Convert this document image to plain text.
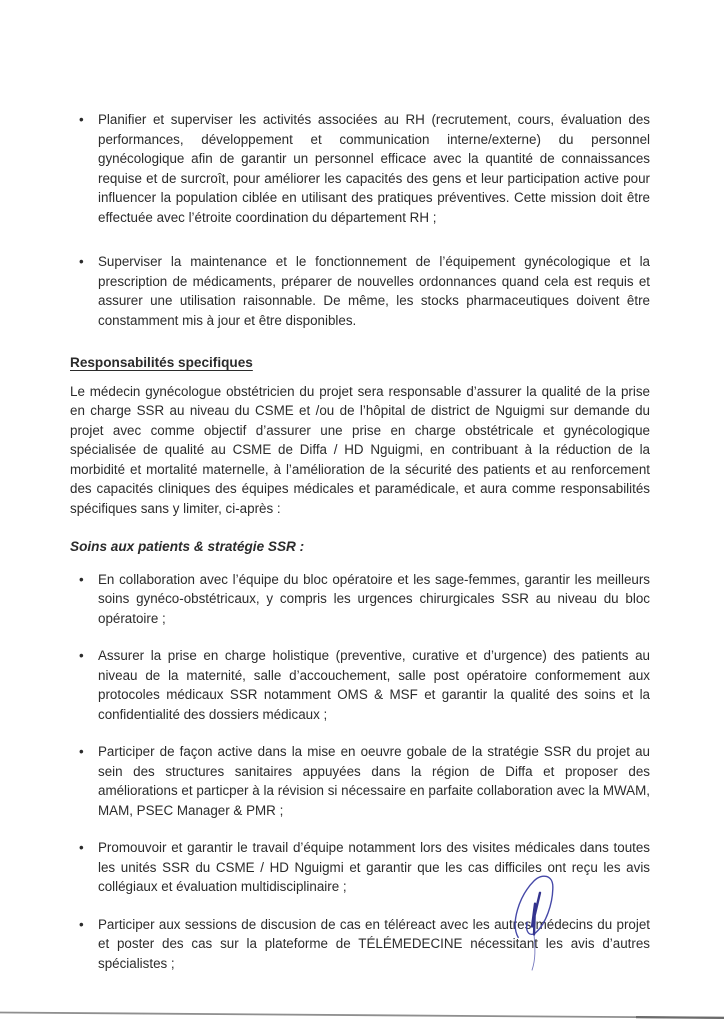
• Planifier et superviser les activités associées au RH (recrutement, cours, évaluation des performances, développement et communication interne/externe) du personnel gynécologique afin de garantir un personnel efficace avec la quantité de connaissances requise et de surcroît, pour améliorer les capacités des gens et leur participation active pour influencer la population ciblée en utilisant des pratiques préventives. Cette mission doit être effectuée avec l’étroite coordination du département RH ;
• Superviser la maintenance et le fonctionnement de l’équipement gynécologique et la prescription de médicaments, préparer de nouvelles ordonnances quand cela est requis et assurer une utilisation raisonnable. De même, les stocks pharmaceutiques doivent être constamment mis à jour et être disponibles.
Responsabilités specifiques

Le médecin gynécologue obstétricien du projet sera responsable d’assurer la qualité de la prise en charge SSR au niveau du CSME et /ou de l’hôpital de district de Nguigmi sur demande du projet avec comme objectif d’assurer une prise en charge obstétricale et gynécologique spécialisée de qualité au CSME de Diffa / HD Nguigmi, en contribuant à la réduction de la morbidité et mortalité maternelle, à l’amélioration de la sécurité des patients et au renforcement des capacités cliniques des équipes médicales et paramédicale, et aura comme responsabilités spécifiques sans y limiter, ci-après :

Soins aux patients & stratégie SSR :
• En collaboration avec l’équipe du bloc opératoire et les sage-femmes, garantir les meilleurs soins gynéco-obstétricaux, y compris les urgences chirurgicales SSR au niveau du bloc opératoire ;
• Assurer la prise en charge holistique (preventive, curative et d’urgence) des patients au niveau de la maternité, salle d’accouchement, salle post opératoire conformement aux protocoles médicaux SSR notamment OMS & MSF et garantir la qualité des soins et la confidentialité des dossiers médicaux ;
• Participer de façon active dans la mise en oeuvre gobale de la stratégie SSR du projet au sein des structures sanitaires appuyées dans la région de Diffa et proposer des améliorations et particper à la révision si nécessaire en parfaite collaboration avec la MWAM, MAM, PSEC Manager & PMR ;
• Promouvoir et garantir le travail d’équipe notamment lors des visites médicales dans toutes les unités SSR du CSME / HD Nguigmi et garantir que les cas difficiles ont reçu les avis collégiaux et évaluation multidisciplinaire ;
• Participer aux sessions de discusion de cas en téléreact avec les autres médecins du projet et poster des cas sur la plateforme de TÉLÉMEDECINE nécessitant les avis d’autres spécialistes ;
